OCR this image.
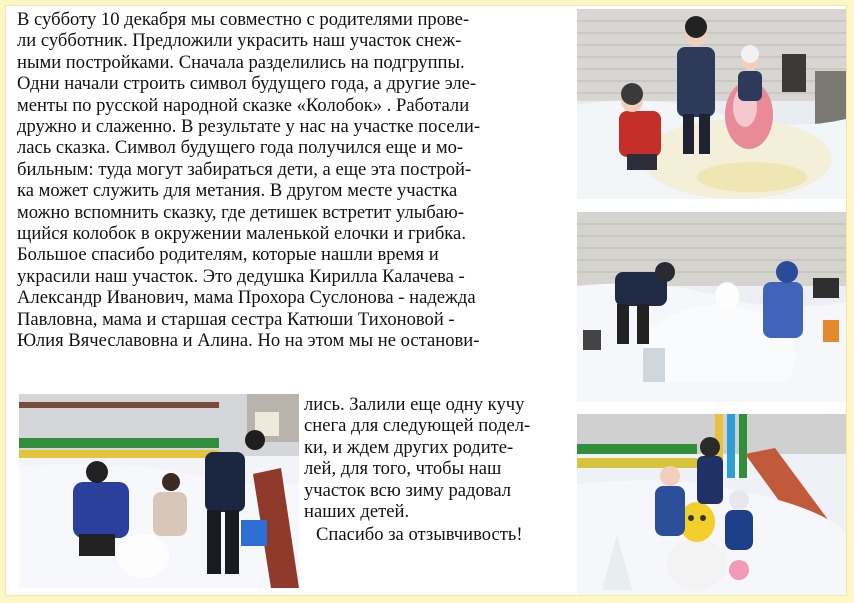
В субботу 10 декабря мы совместно с родителями прове-
ли субботник. Предложили украсить наш участок снеж-
ными постройками. Сначала разделились на подгруппы.
Одни начали строить символ будущего года, а другие эле-
менты по русской народной сказке «Колобок» . Работали
дружно и слаженно. В результате у нас на участке посели-
лась сказка. Символ будущего года получился еще и мо-
бильным: туда могут забираться дети, а еще эта построй-
ка может служить для метания. В другом месте участка
можно вспомнить сказку, где детишек встретит улыбаю-
щийся колобок в окружении маленькой елочки и грибка.
Большое спасибо родителям, которые нашли время и
украсили наш участок. Это дедушка Кирилла Калачева -
Александр Иванович, мама Прохора Суслонова - надежда
Павловна, мама и старшая сестра Катюши Тихоновой -
Юлия Вячеславовна и Алина. Но на этом мы не останови-
лись. Залили еще одну кучу
снега для следующей подел-
ки, и ждем других родите-
лей, для того, чтобы наш
участок всю зиму радовал
наших детей.
Спасибо за отзывчивость!
